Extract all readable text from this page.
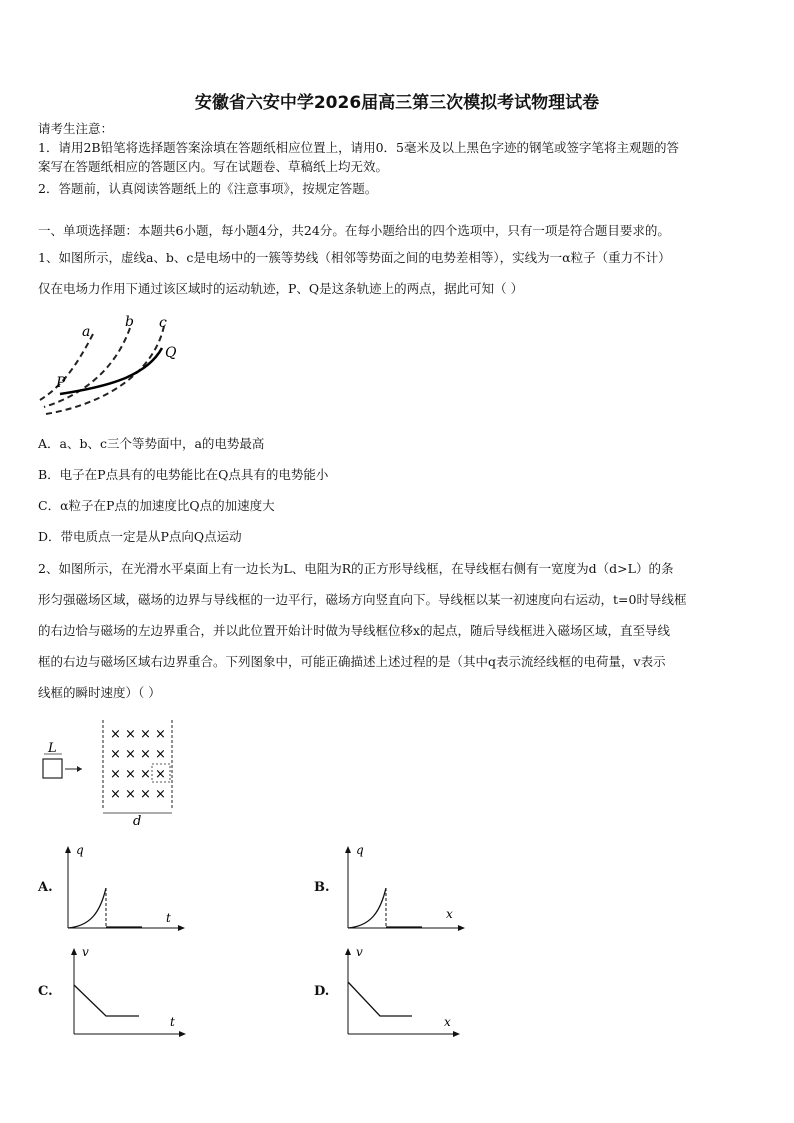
安徽省六安中学2026届高三第三次模拟考试物理试卷
请考生注意：
1．请用2B铅笔将选择题答案涂填在答题纸相应位置上，请用0．5毫米及以上黑色字迹的钢笔或签字笔将主观题的答
案写在答题纸相应的答题区内。写在试题卷、草稿纸上均无效。
2．答题前，认真阅读答题纸上的《注意事项》，按规定答题。
一、单项选择题：本题共6小题，每小题4分，共24分。在每小题给出的四个选项中，只有一项是符合题目要求的。
1、如图所示，虚线a、b、c是电场中的一簇等势线（相邻等势面之间的电势差相等），实线为一α粒子（重力不计）
仅在电场力作用下通过该区域时的运动轨迹，P、Q是这条轨迹上的两点，据此可知（ ）
a
b c
P
Q
A．a、b、c三个等势面中，a的电势最高
B．电子在P点具有的电势能比在Q点具有的电势能小
C．α粒子在P点的加速度比Q点的加速度大
D．带电质点一定是从P点向Q点运动
2、如图所示，在光滑水平桌面上有一边长为L、电阻为R的正方形导线框，在导线框右侧有一宽度为d（d>L）的条
形匀强磁场区域，磁场的边界与导线框的一边平行，磁场方向竖直向下。导线框以某一初速度向右运动，t=0时导线框
的右边恰与磁场的左边界重合，并以此位置开始计时做为导线框位移x的起点，随后导线框进入磁场区域，直至导线
框的右边与磁场区域右边界重合。下列图象中，可能正确描述上述过程的是（其中q表示流经线框的电荷量，v表示
线框的瞬时速度）（ ）
L
× × × ×
× × × ×
× × × ×
× × × ×
d
A.
q
t
B.
q
x
C.
v
t
D.
v
x
